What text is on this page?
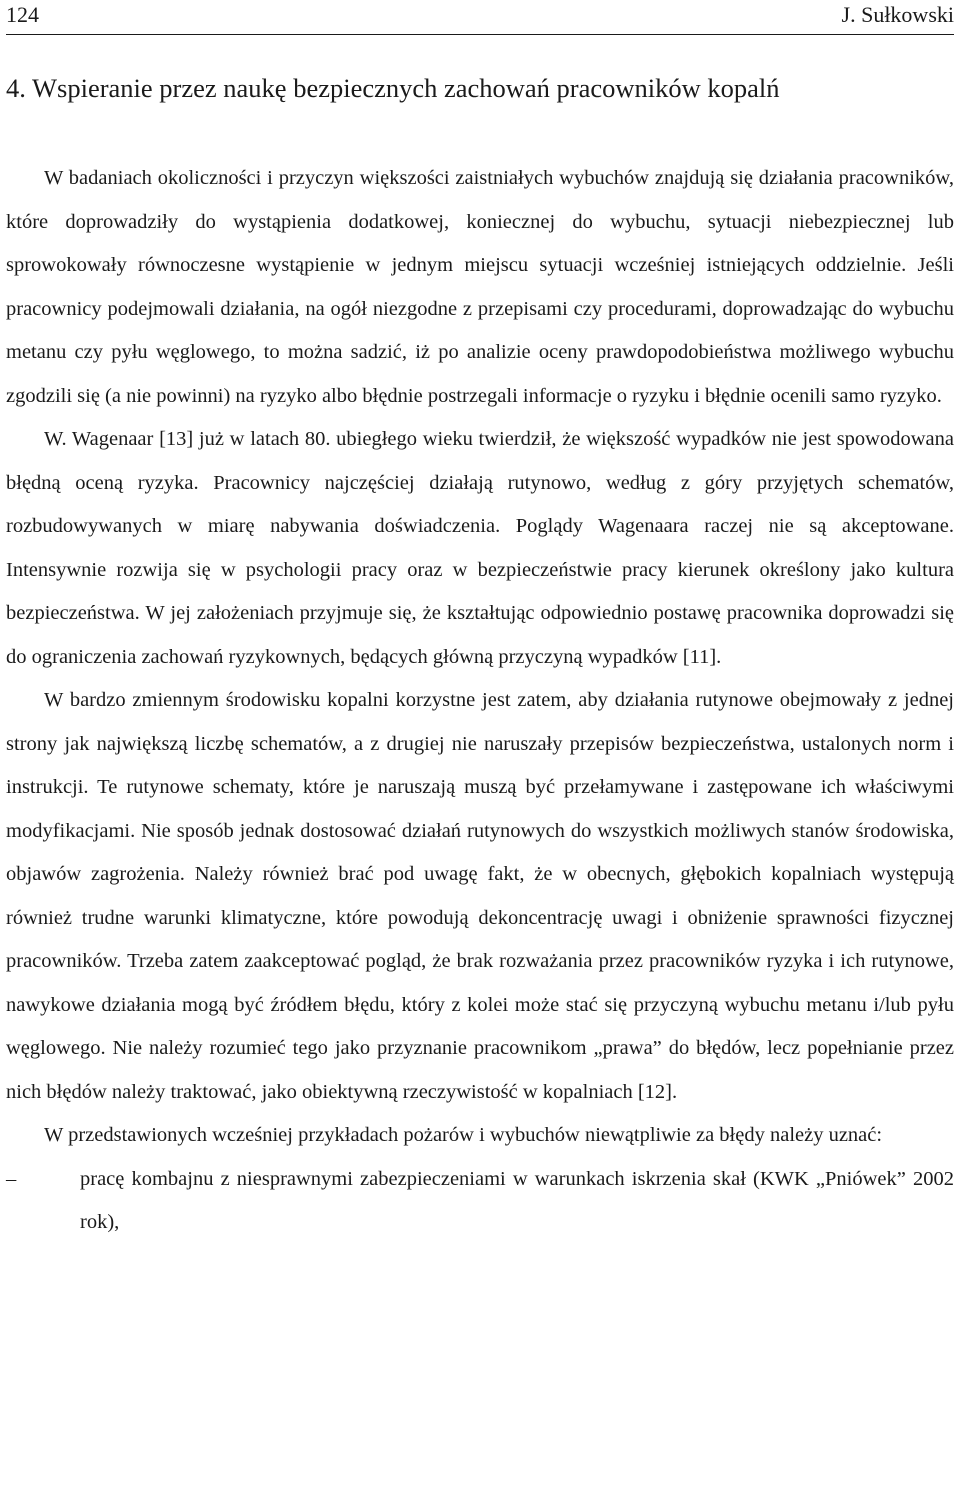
124	J. Sułkowski
4. Wspieranie przez naukę bezpiecznych zachowań pracowników kopalń

W badaniach okoliczności i przyczyn większości zaistniałych wybuchów znajdują się działania pracowników, które doprowadziły do wystąpienia dodatkowej, koniecznej do wybuchu, sytuacji niebezpiecznej lub sprowokowały równoczesne wystąpienie w jednym miejscu sytuacji wcześniej istniejących oddzielnie. Jeśli pracownicy podejmowali działania, na ogół niezgodne z przepisami czy procedurami, doprowadzając do wybuchu metanu czy pyłu węglowego, to można sadzić, iż po analizie oceny prawdopodobieństwa możliwego wybuchu zgodzili się (a nie powinni) na ryzyko albo błędnie postrzegali informacje o ryzyku i błędnie ocenili samo ryzyko.

W. Wagenaar [13] już w latach 80. ubiegłego wieku twierdził, że większość wypadków nie jest spowodowana błędną oceną ryzyka. Pracownicy najczęściej działają rutynowo, według z góry przyjętych schematów, rozbudowywanych w miarę nabywania doświadczenia. Poglądy Wagenaara raczej nie są akceptowane. Intensywnie rozwija się w psychologii pracy oraz w bezpieczeństwie pracy kierunek określony jako kultura bezpieczeństwa. W jej założeniach przyjmuje się, że kształtując odpowiednio postawę pracownika doprowadzi się do ograniczenia zachowań ryzykownych, będących główną przyczyną wypadków [11].

W bardzo zmiennym środowisku kopalni korzystne jest zatem, aby działania rutynowe obejmowały z jednej strony jak największą liczbę schematów, a z drugiej nie naruszały przepisów bezpieczeństwa, ustalonych norm i instrukcji. Te rutynowe schematy, które je naruszają muszą być przełamywane i zastępowane ich właściwymi modyfikacjami. Nie sposób jednak dostosować działań rutynowych do wszystkich możliwych stanów środowiska, objawów zagrożenia. Należy również brać pod uwagę fakt, że w obecnych, głębokich kopalniach występują również trudne warunki klimatyczne, które powodują dekoncentrację uwagi i obniżenie sprawności fizycznej pracowników. Trzeba zatem zaakceptować pogląd, że brak rozważania przez pracowników ryzyka i ich rutynowe, nawykowe działania mogą być źródłem błędu, który z kolei może stać się przyczyną wybuchu metanu i/lub pyłu węglowego. Nie należy rozumieć tego jako przyznanie pracownikom „prawa” do błędów, lecz popełnianie przez nich błędów należy traktować, jako obiektywną rzeczywistość w kopalniach [12].

W przedstawionych wcześniej przykładach pożarów i wybuchów niewątpliwie za błędy należy uznać:

–	pracę kombajnu z niesprawnymi zabezpieczeniami w warunkach iskrzenia skał (KWK „Pniówek” 2002 rok),
